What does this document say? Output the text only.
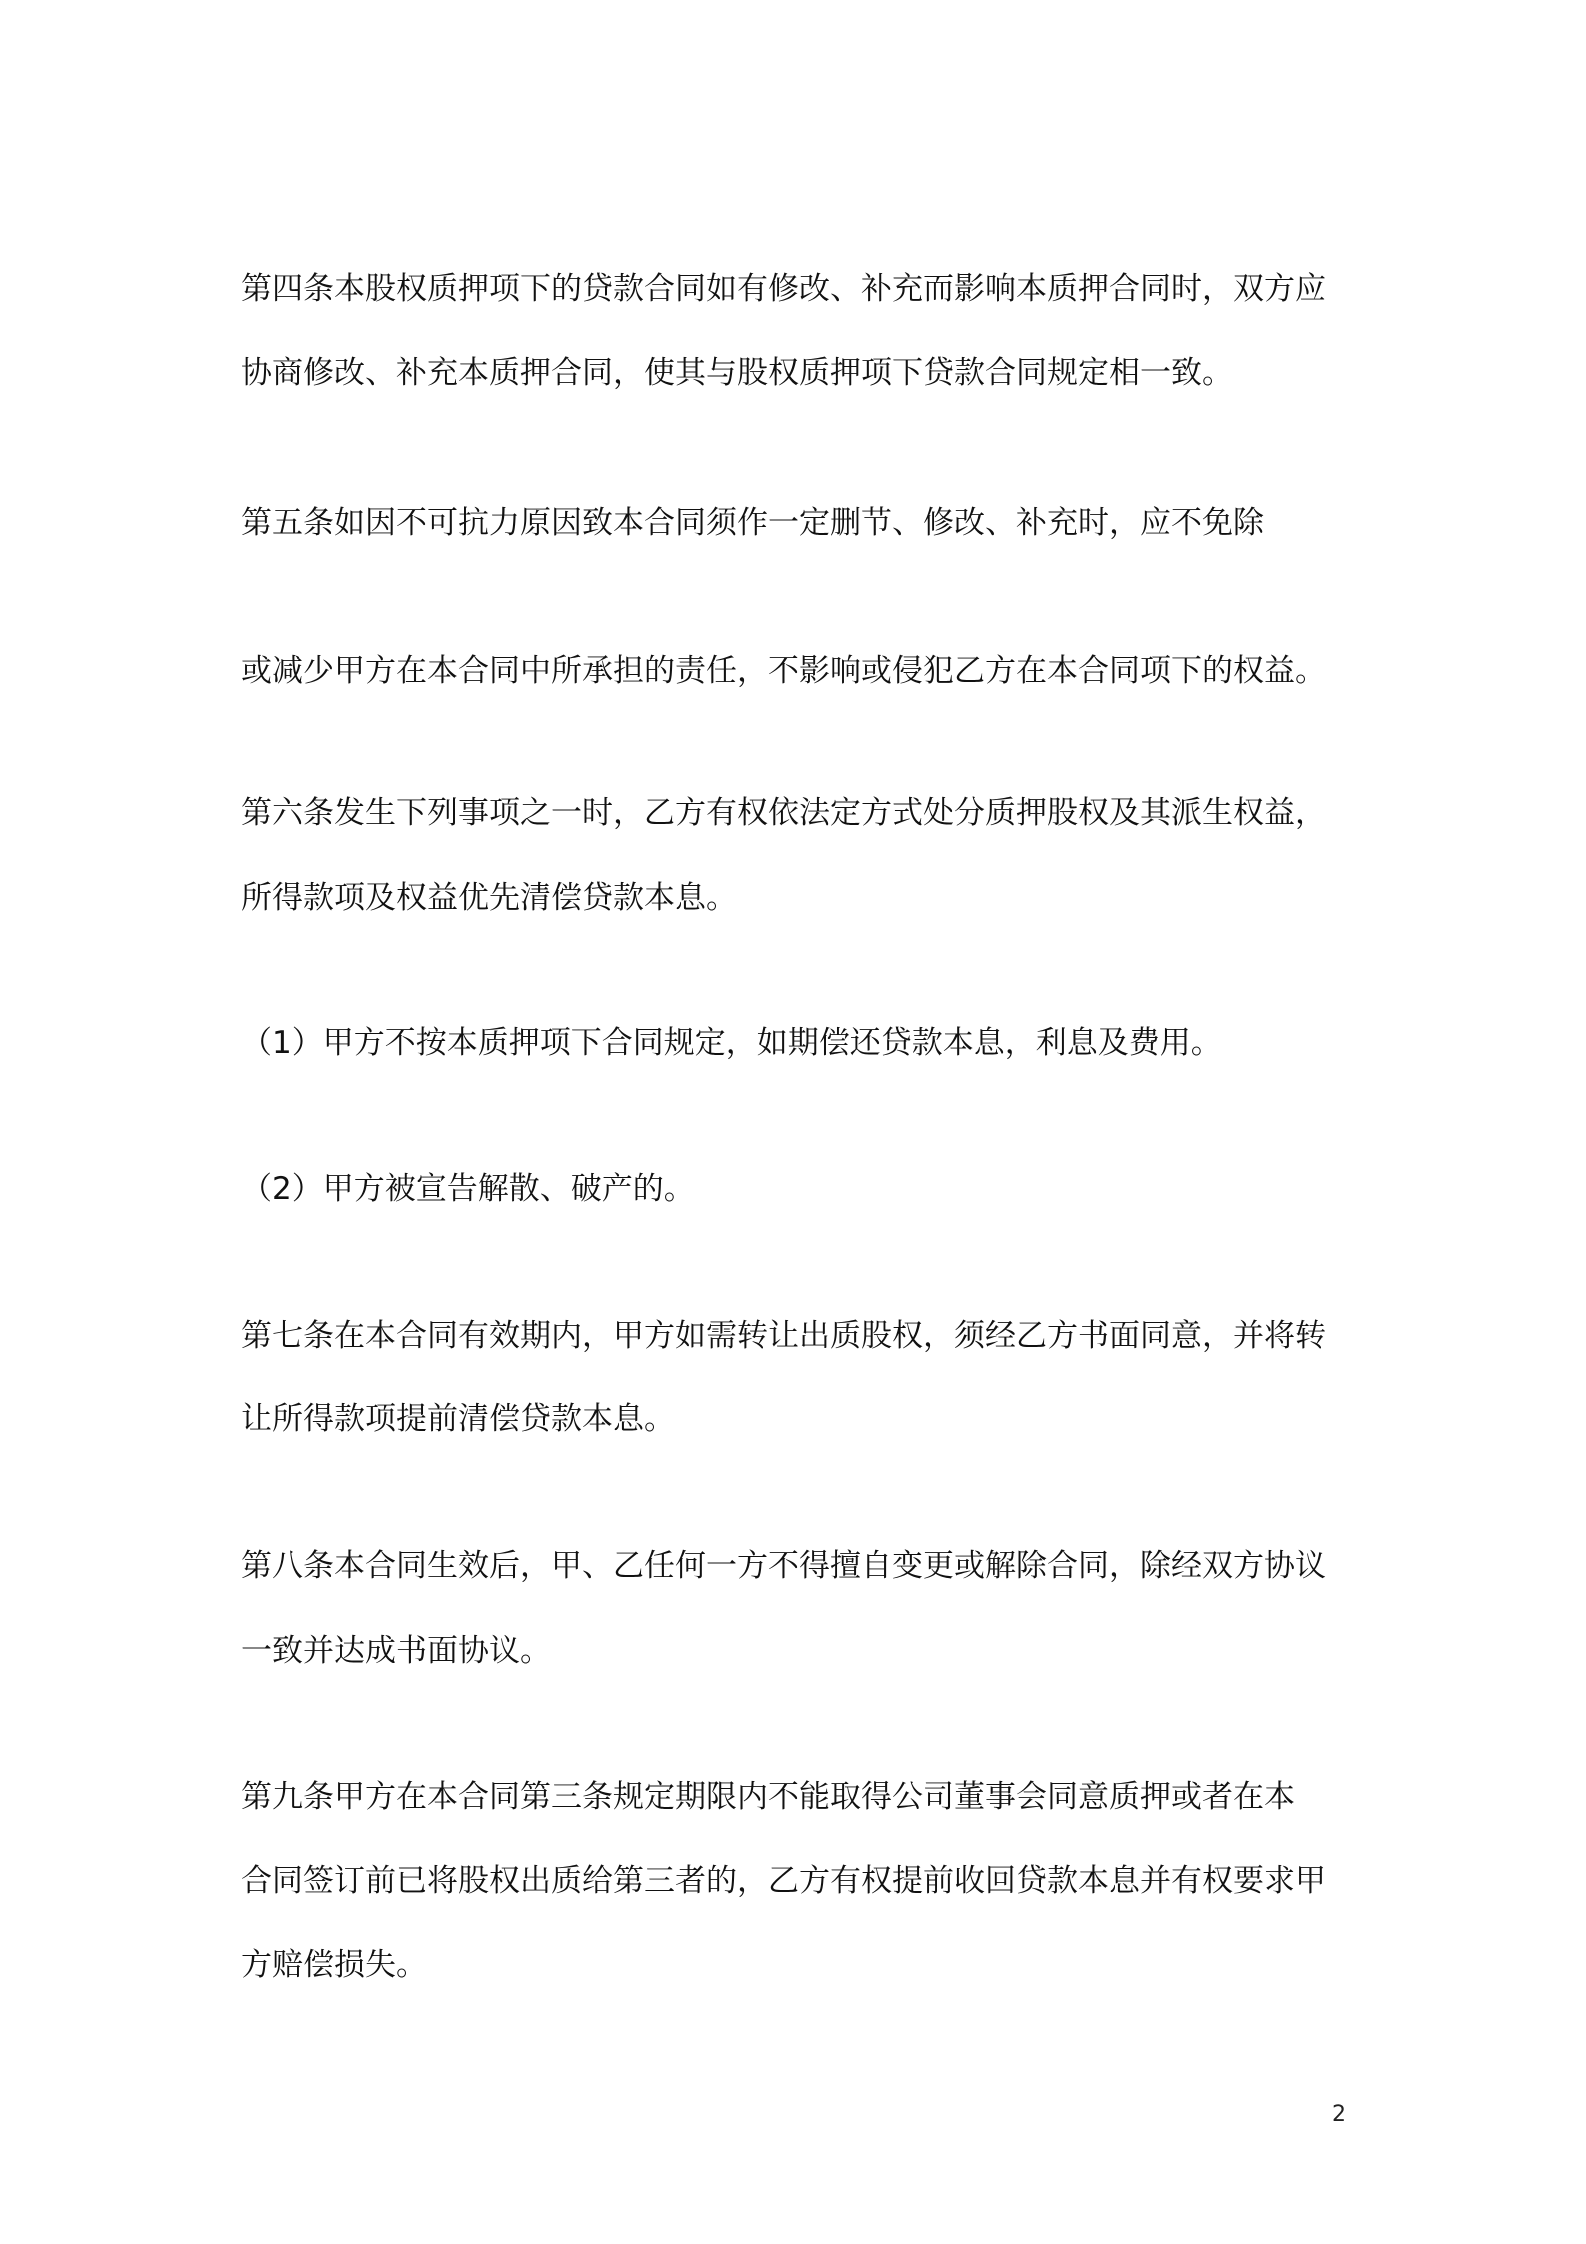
第四条本股权质押项下的贷款合同如有修改、补充而影响本质押合同时，双方应
协商修改、补充本质押合同，使其与股权质押项下贷款合同规定相一致。
第五条如因不可抗力原因致本合同须作一定删节、修改、补充时，应不免除
或减少甲方在本合同中所承担的责任，不影响或侵犯乙方在本合同项下的权益。
第六条发生下列事项之一时，乙方有权依法定方式处分质押股权及其派生权益，
所得款项及权益优先清偿贷款本息。
（1）甲方不按本质押项下合同规定，如期偿还贷款本息，利息及费用。
（2）甲方被宣告解散、破产的。
第七条在本合同有效期内，甲方如需转让出质股权，须经乙方书面同意，并将转
让所得款项提前清偿贷款本息。
第八条本合同生效后，甲、乙任何一方不得擅自变更或解除合同，除经双方协议
一致并达成书面协议。
第九条甲方在本合同第三条规定期限内不能取得公司董事会同意质押或者在本
合同签订前已将股权出质给第三者的，乙方有权提前收回贷款本息并有权要求甲
方赔偿损失。
2
